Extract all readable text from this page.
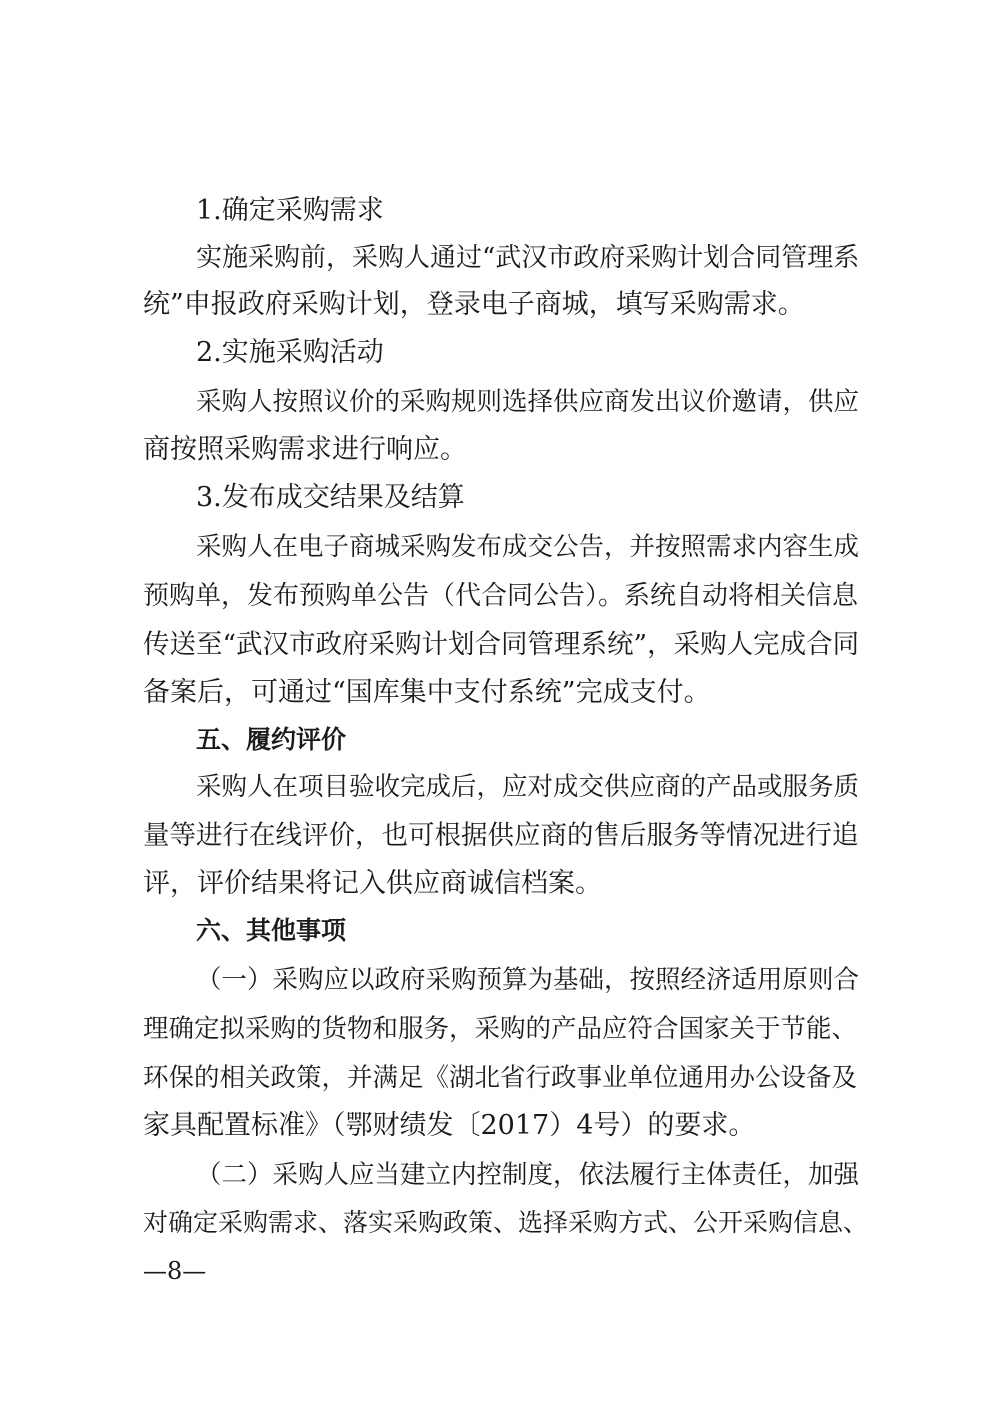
1.确定采购需求
实施采购前，采购人通过“武汉市政府采购计划合同管理系
统”申报政府采购计划，登录电子商城，填写采购需求。
2.实施采购活动
采购人按照议价的采购规则选择供应商发出议价邀请，供应
商按照采购需求进行响应。
3.发布成交结果及结算
采购人在电子商城采购发布成交公告，并按照需求内容生成
预购单，发布预购单公告（代合同公告）。系统自动将相关信息
传送至“武汉市政府采购计划合同管理系统”，采购人完成合同
备案后，可通过“国库集中支付系统”完成支付。
五、履约评价
采购人在项目验收完成后，应对成交供应商的产品或服务质
量等进行在线评价，也可根据供应商的售后服务等情况进行追
评，评价结果将记入供应商诚信档案。
六、其他事项
（一）采购应以政府采购预算为基础，按照经济适用原则合
理确定拟采购的货物和服务，采购的产品应符合国家关于节能、
环保的相关政策，并满足《湖北省行政事业单位通用办公设备及
家具配置标准》（鄂财绩发〔2017）4号）的要求。
（二）采购人应当建立内控制度，依法履行主体责任，加强
对确定采购需求、落实采购政策、选择采购方式、公开采购信息、
—8—
